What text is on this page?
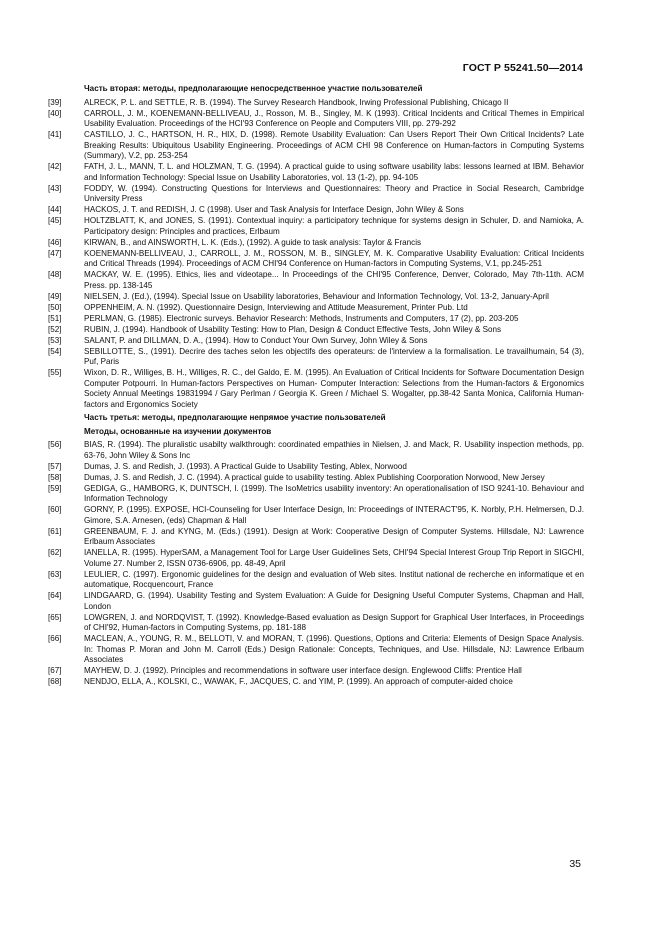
ГОСТ Р 55241.50—2014
Часть вторая: методы, предполагающие непосредственное участие пользователей
[39]	ALRECK, P. L. and SETTLE, R. B. (1994). The Survey Research Handbook, Irwing Professional Publishing, Chicago II
[40]	CARROLL, J. M., KOENEMANN-BELLIVEAU, J., Rosson, M. B., Singley, M. K (1993). Critical Incidents and Critical Themes in Empirical Usability Evaluation. Proceedings of the HCI'93 Conference on People and Computers VIII, pp. 279-292
[41]	CASTILLO, J. C., HARTSON, H. R., HIX, D. (1998). Remote Usability Evaluation: Can Users Report Their Own Critical Incidents? Late Breaking Results: Ubiquitous Usability Engineering. Proceedings of ACM CHI 98 Conference on Human-factors in Computing Systems (Summary), V.2, pp. 253-254
[42]	FATH, J. L., MANN, T. L. and HOLZMAN, T. G. (1994). A practical guide to using software usability labs: lessons learned at IBM. Behavior and Information Technology: Special Issue on Usability Laboratories, vol. 13 (1-2), pp. 94-105
[43]	FODDY, W. (1994). Constructing Questions for Interviews and Questionnaires: Theory and Practice in Social Research, Cambridge University Press
[44]	HACKOS, J. T. and REDISH, J. C (1998). User and Task Analysis for Interface Design, John Wiley & Sons
[45]	HOLTZBLATT, K, and JONES, S. (1991). Contextual inquiry: a participatory technique for systems design in Schuler, D. and Namioka, A. Participatory design: Principles and practices, Erlbaum
[46]	KIRWAN, B., and AINSWORTH, L. K. (Eds.), (1992). A guide to task analysis: Taylor & Francis
[47]	KOENEMANN-BELLIVEAU, J., CARROLL, J. M., ROSSON, M. B., SINGLEY, M. K. Comparative Usability Evaluation: Critical Incidents and Critical Threads (1994). Proceedings of ACM CHI'94 Conference on Human-factors in Computing Systems, V.1, pp.245-251
[48]	MACKAY, W. E. (1995). Ethics, lies and videotape... In Proceedings of the CHI'95 Conference, Denver, Colorado, May 7th-11th. ACM Press. pp. 138-145
[49]	NIELSEN, J. (Ed.), (1994). Special Issue on Usability laboratories, Behaviour and Information Technology, Vol. 13-2, January-April
[50]	OPPENHEIM, A. N. (1992). Questionnaire Design, Interviewing and Attitude Measurement, Printer Pub. Ltd
[51]	PERLMAN, G. (1985). Electronic surveys. Behavior Research: Methods, Instruments and Computers, 17 (2), pp. 203-205
[52]	RUBIN, J. (1994). Handbook of Usability Testing: How to Plan, Design & Conduct Effective Tests, John Wiley & Sons
[53]	SALANT, P. and DILLMAN, D. A., (1994). How to Conduct Your Own Survey, John Wiley & Sons
[54]	SEBILLOTTE, S., (1991). Decrire des taches selon les objectifs des operateurs: de l'interview a la formalisation. Le travailhumain, 54 (3), Puf, Paris
[55]	Wixon, D. R., Williges, B. H., Williges, R. C., del Galdo, E. M. (1995). An Evaluation of Critical Incidents for Software Documentation Design Computer Potpourri. In Human-factors Perspectives on Human- Computer Interaction: Selections from the Human-factors & Ergonomics Society Annual Meetings 19831994 / Gary Perlman / Georgia K. Green / Michael S. Wogalter, pp.38-42 Santa Monica, California Human- factors and Ergonomics Society
Часть третья: методы, предполагающие непрямое участие пользователей
Методы, основанные на изучении документов
[56]	BIAS, R. (1994). The pluralistic usabilty walkthrough: coordinated empathies in Nielsen, J. and Mack, R. Usability inspection methods, pp. 63-76, John Wiley & Sons Inc
[57]	Dumas, J. S. and Redish, J. (1993). A Practical Guide to Usability Testing, Ablex, Norwood
[58]	Dumas, J. S. and Redish, J. C. (1994). A practical guide to usability testing. Ablex Publishing Coorporation Norwood, New Jersey
[59]	GEDIGA, G., HAMBORG, K, DUNTSCH, I. (1999). The IsoMetrics usability inventory: An operationalisation of ISO 9241-10. Behaviour and Information Technology
[60]	GORNY, P. (1995). EXPOSE, HCI-Counseling for User Interface Design, In: Proceedings of INTERACT'95, K. Norbly, P.H. Helmersen, D.J. Gimore, S.A. Arnesen, (eds) Chapman & Hall
[61]	GREENBAUM, F. J. and KYNG, M. (Eds.) (1991). Design at Work: Cooperative Design of Computer Systems. Hillsdale, NJ: Lawrence Erlbaum Associates
[62]	IANELLA, R. (1995). HyperSAM, a Management Tool for Large User Guidelines Sets, CHI'94 Special Interest Group Trip Report in SIGCHI, Volume 27. Number 2, ISSN 0736-6906, pp. 48-49, April
[63]	LEULIER, C. (1997). Ergonomic guidelines for the design and evaluation of Web sites. Institut national de recherche en informatique et en automatique, Rocquencourt, France
[64]	LINDGAARD, G. (1994). Usability Testing and System Evaluation: A Guide for Designing Useful Computer Systems, Chapman and Hall, London
[65]	LOWGREN, J. and NORDQVIST, T. (1992). Knowledge-Based evaluation as Design Support for Graphical User Interfaces, in Proceedings of CHI'92, Human-factors in Computing Systems, pp. 181-188
[66]	MACLEAN, A., YOUNG, R. M., BELLOTI, V. and MORAN, T. (1996). Questions, Options and Criteria: Elements of Design Space Analysis. In: Thomas P. Moran and John M. Carroll (Eds.) Design Rationale: Concepts, Techniques, and Use. Hillsdale, NJ: Lawrence Erlbaum Associates
[67]	MAYHEW, D. J. (1992). Principles and recommendations in software user interface design. Englewood Cliffs: Prentice Hall
[68]	NENDJO, ELLA, A., KOLSKI, C., WAWAK, F., JACQUES, C. and YIM, P. (1999). An approach of computer-aided choice
35
